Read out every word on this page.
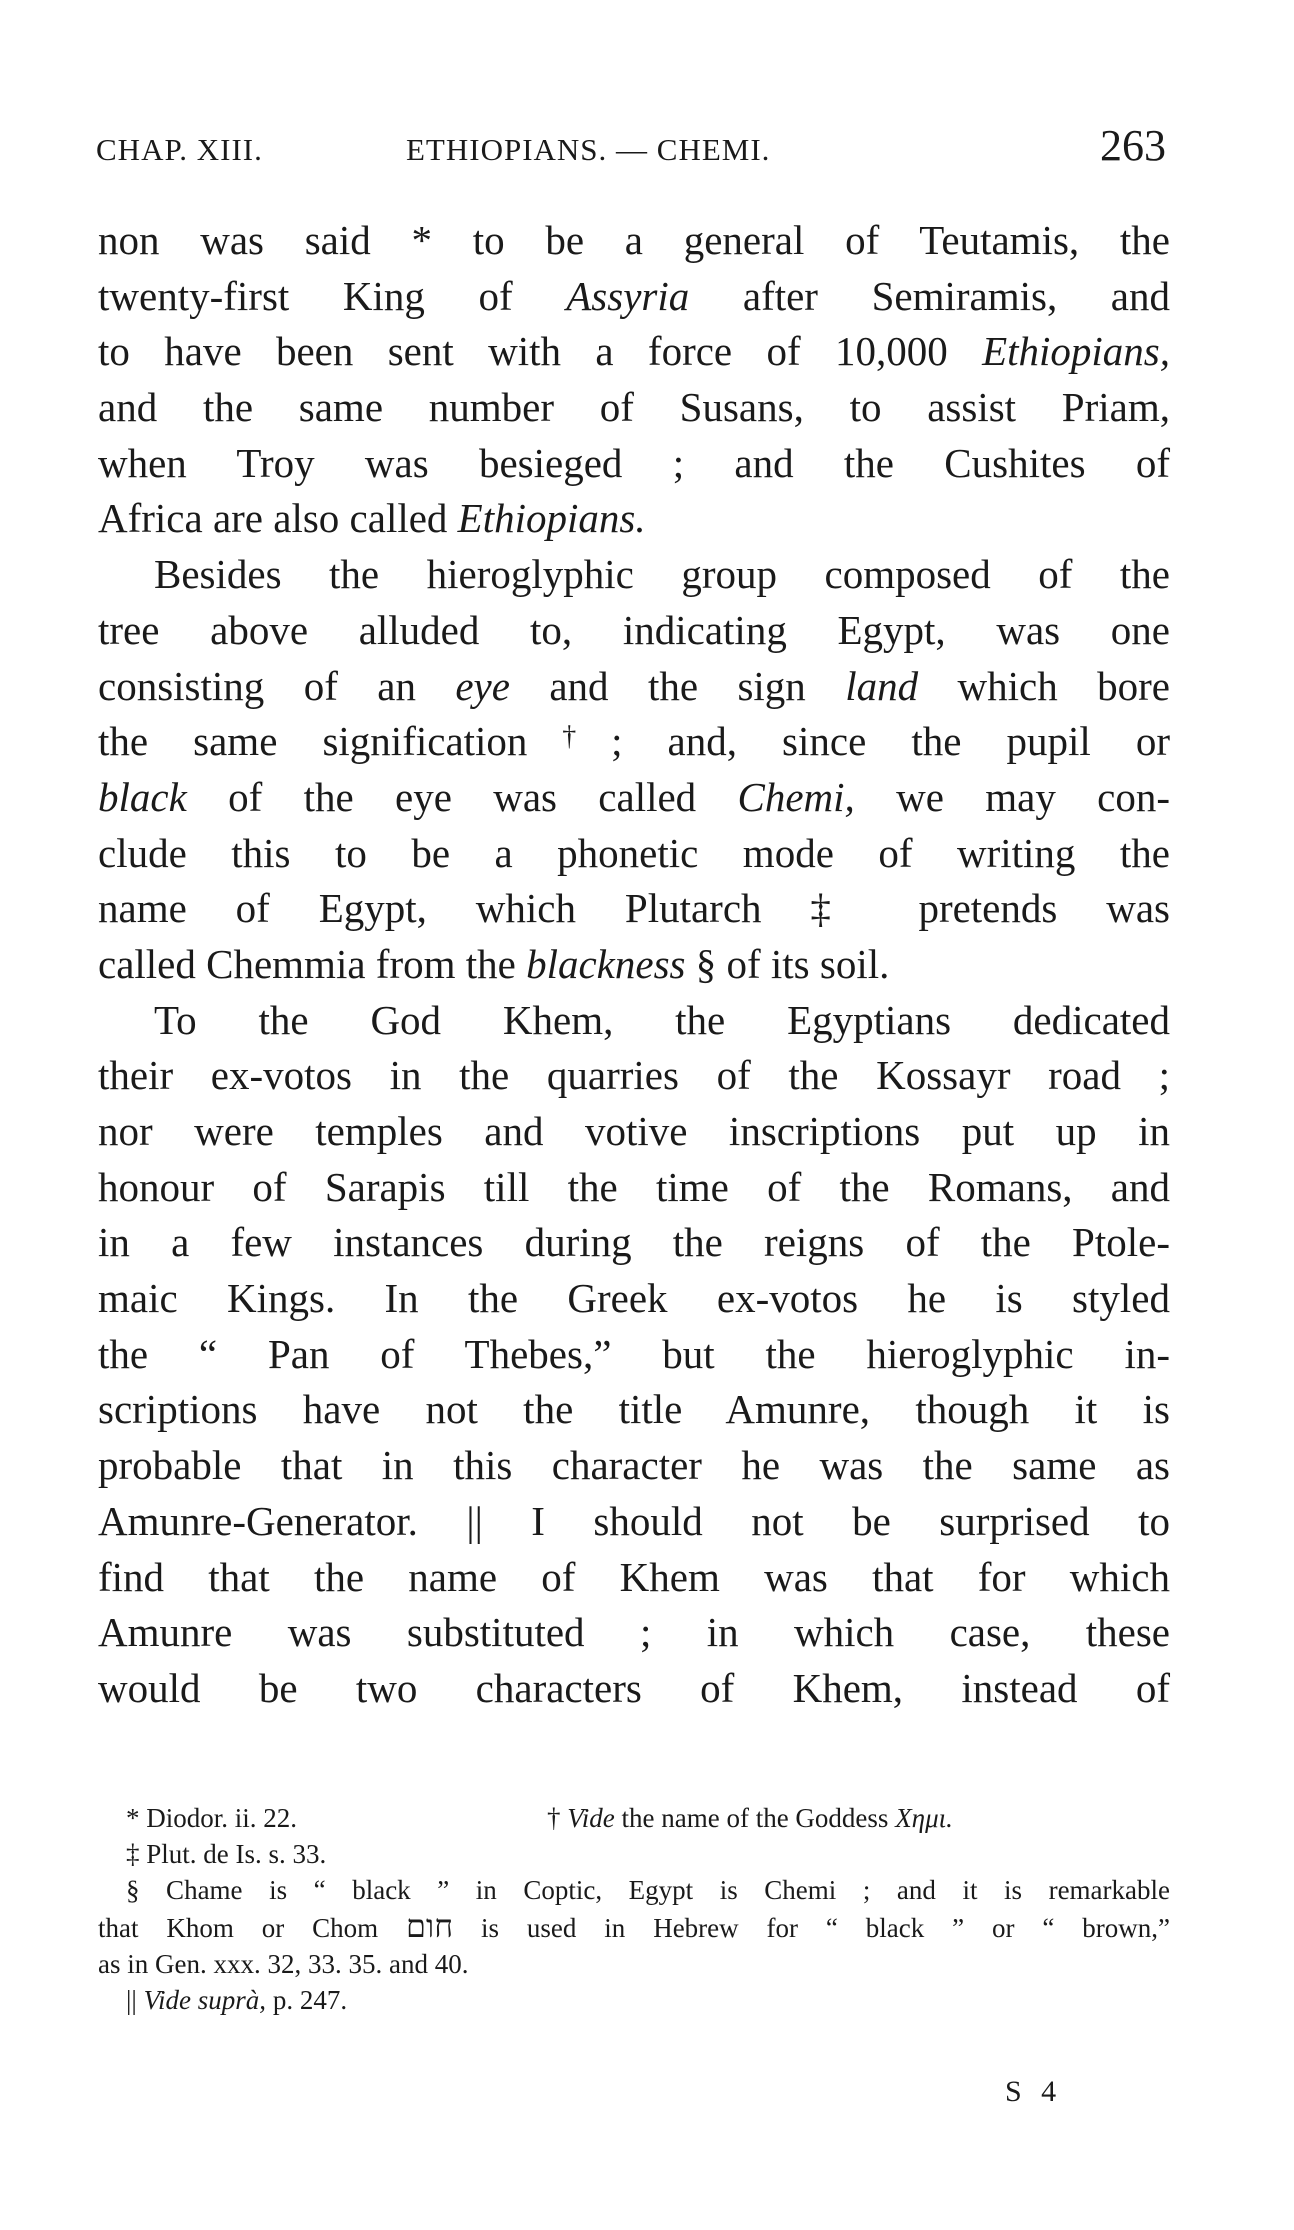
CHAP. XIII.	ETHIOPIANS. — CHEMI.	263
non was said * to be a general of Teutamis, the
twenty-first King of Assyria after Semiramis, and
to have been sent with a force of 10,000 Ethiopians,
and the same number of Susans, to assist Priam,
when Troy was besieged ; and the Cushites of
Africa are also called Ethiopians.
Besides the hieroglyphic group composed of the
tree above alluded to, indicating Egypt, was one
consisting of an eye and the sign land which bore
the same signification†; and, since the pupil or
black of the eye was called Chemi, we may con-
clude this to be a phonetic mode of writing the
name of Egypt, which Plutarch ‡ pretends was
called Chemmia from the blackness § of its soil.
To the God Khem, the Egyptians dedicated
their ex-votos in the quarries of the Kossayr road ;
nor were temples and votive inscriptions put up in
honour of Sarapis till the time of the Romans, and
in a few instances during the reigns of the Ptole-
maic Kings. In the Greek ex-votos he is styled
the “ Pan of Thebes,” but the hieroglyphic in-
scriptions have not the title Amunre, though it is
probable that in this character he was the same as
Amunre-Generator. || I should not be surprised to
find that the name of Khem was that for which
Amunre was substituted ; in which case, these
would be two characters of Khem, instead of
* Diodor. ii. 22.	† Vide the name of the Goddess Χημι.
‡ Plut. de Is. s. 33.
§ Chame is “ black ” in Coptic, Egypt is Chemi ; and it is remarkable
that Khom or Chom חום is used in Hebrew for “ black ” or “ brown,”
as in Gen. xxx. 32, 33. 35. and 40.
|| Vide suprà, p. 247.
S 4
